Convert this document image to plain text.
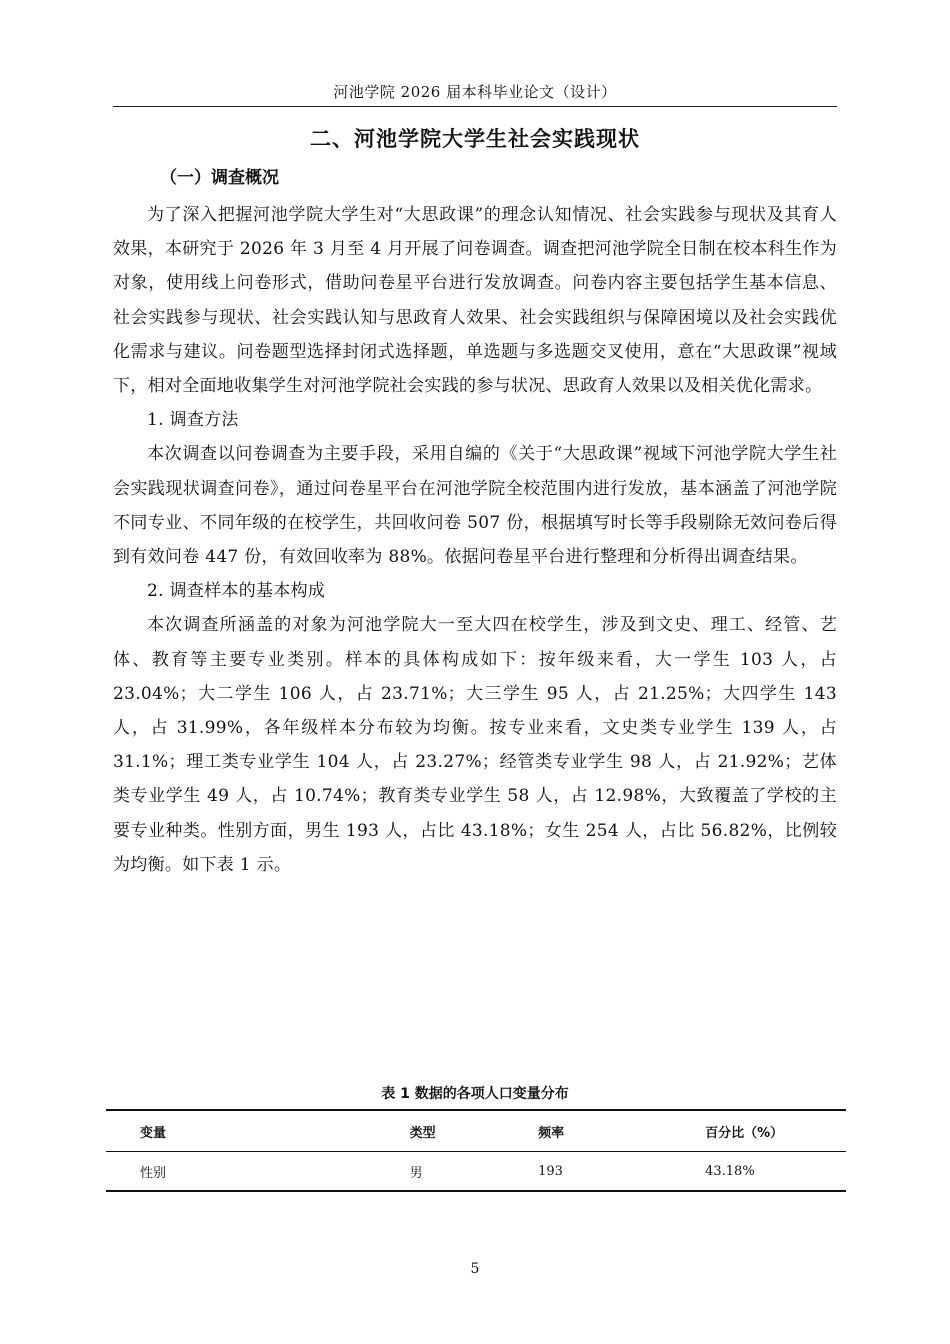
河池学院 2026 届本科毕业论文（设计）
二、河池学院大学生社会实践现状
（一）调查概况

为了深入把握河池学院大学生对“大思政课”的理念认知情况、社会实践参与现状及其育人效果，本研究于 2026 年 3 月至 4 月开展了问卷调查。调查把河池学院全日制在校本科生作为对象，使用线上问卷形式，借助问卷星平台进行发放调查。问卷内容主要包括学生基本信息、社会实践参与现状、社会实践认知与思政育人效果、社会实践组织与保障困境以及社会实践优化需求与建议。问卷题型选择封闭式选择题，单选题与多选题交叉使用，意在“大思政课”视域下，相对全面地收集学生对河池学院社会实践的参与状况、思政育人效果以及相关优化需求。

1. 调查方法

本次调查以问卷调查为主要手段，采用自编的《关于“大思政课”视域下河池学院大学生社会实践现状调查问卷》，通过问卷星平台在河池学院全校范围内进行发放，基本涵盖了河池学院不同专业、不同年级的在校学生，共回收问卷 507 份，根据填写时长等手段剔除无效问卷后得到有效问卷 447 份，有效回收率为 88%。依据问卷星平台进行整理和分析得出调查结果。

2. 调查样本的基本构成

本次调查所涵盖的对象为河池学院大一至大四在校学生，涉及到文史、理工、经管、艺体、教育等主要专业类别。样本的具体构成如下：按年级来看，大一学生 103 人，占 23.04%；大二学生 106 人，占 23.71%；大三学生 95 人，占 21.25%；大四学生 143 人，占 31.99%，各年级样本分布较为均衡。按专业来看，文史类专业学生 139 人，占 31.1%；理工类专业学生 104 人，占 23.27%；经管类专业学生 98 人，占 21.92%；艺体类专业学生 49 人，占 10.74%；教育类专业学生 58 人，占 12.98%，大致覆盖了学校的主要专业种类。性别方面，男生 193 人，占比 43.18%；女生 254 人，占比 56.82%，比例较为均衡。如下表 1 示。

表 1 数据的各项人口变量分布
变量	类型	频率	百分比（%）
性别	男	193	43.18%
5
